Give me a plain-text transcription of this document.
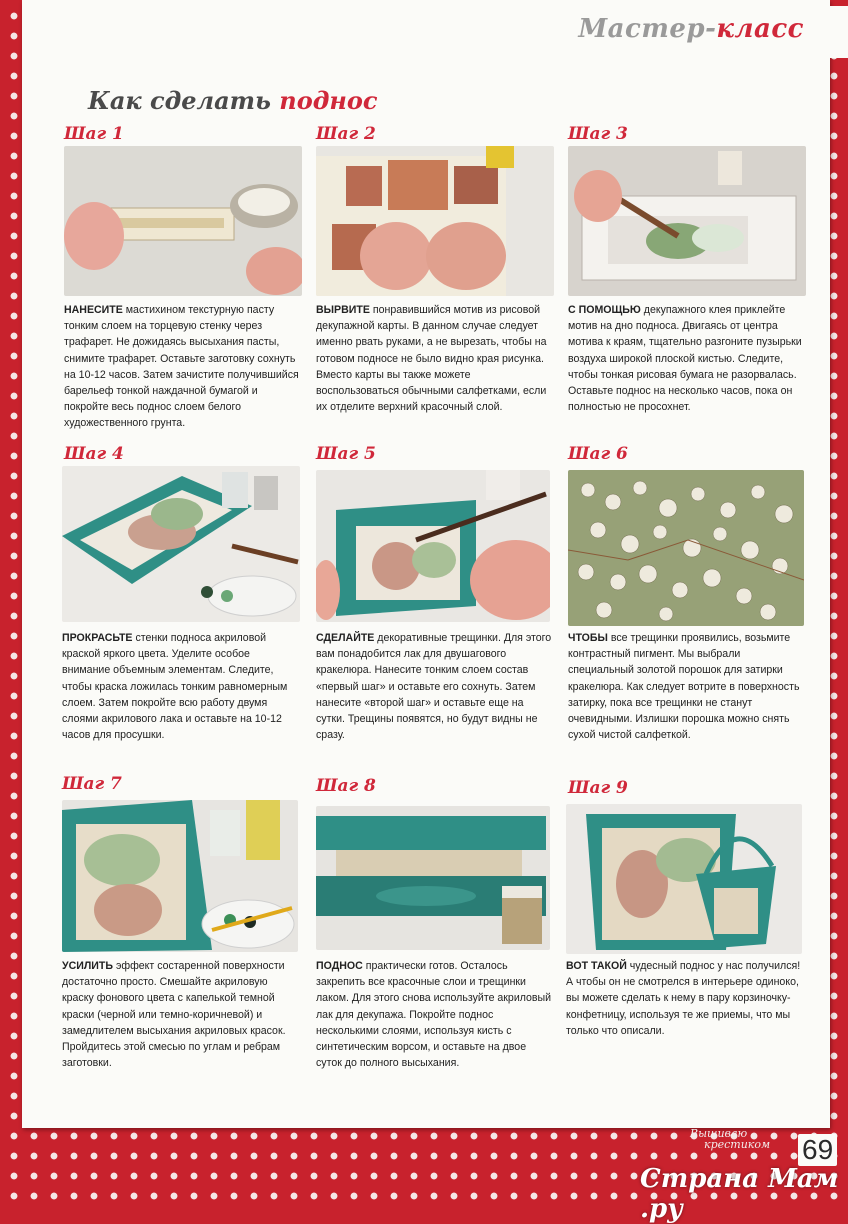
Мастер-класс
Как сделать поднос
Шаг 1	Шаг 2	Шаг 3
Шаг 4	Шаг 5	Шаг 6
Шаг 7	Шаг 8	Шаг 9
НАНЕСИТЕ мастихином текстурную пасту тонким слоем на торцевую стенку через трафарет. Не дожидаясь высыхания пасты, снимите трафарет. Оставьте заготовку сохнуть на 10-12 часов. Затем зачистите получившийся барельеф тонкой наждачной бумагой и покройте весь поднос слоем белого художественного грунта.
ВЫРВИТЕ понравившийся мотив из рисовой декупажной карты. В данном случае следует именно рвать руками, а не вырезать, чтобы на готовом подносе не было видно края рисунка. Вместо карты вы также можете воспользоваться обычными салфетками, если их отделите верхний красочный слой.
С ПОМОЩЬЮ декупажного клея приклейте мотив на дно подноса. Двигаясь от центра мотива к краям, тщательно разгоните пузырьки воздуха широкой плоской кистью. Следите, чтобы тонкая рисовая бумага не разорвалась. Оставьте поднос на несколько часов, пока он полностью не просохнет.
ПРОКРАСЬТЕ стенки подноса акриловой краской яркого цвета. Уделите особое внимание объемным элементам. Следите, чтобы краска ложилась тонким равномерным слоем. Затем покройте всю работу двумя слоями акрилового лака и оставьте на 10-12 часов для просушки.
СДЕЛАЙТЕ декоративные трещинки. Для этого вам понадобится лак для двушагового кракелюра. Нанесите тонким слоем состав «первый шаг» и оставьте его сохнуть. Затем нанесите «второй шаг» и оставьте еще на сутки. Трещины появятся, но будут видны не сразу.
ЧТОБЫ все трещинки проявились, возьмите контрастный пигмент. Мы выбрали специальный золотой порошок для затирки кракелюра. Как следует вотрите в поверхность затирку, пока все трещинки не станут очевидными. Излишки порошка можно снять сухой чистой салфеткой.
УСИЛИТЬ эффект состаренной поверхности достаточно просто. Смешайте акриловую краску фонового цвета с капелькой темной краски (черной или темно-коричневой) и замедлителем высыхания акриловых красок. Пройдитесь этой смесью по углам и ребрам заготовки.
ПОДНОС практически готов. Осталось закрепить все красочные слои и трещинки лаком. Для этого снова используйте акриловый лак для декупажа. Покройте поднос несколькими слоями, используя кисть с синтетическим ворсом, и оставьте на двое суток до полного высыхания.
ВОТ ТАКОЙ чудесный поднос у нас получился! А чтобы он не смотрелся в интерьере одиноко, вы можете сделать к нему в пару корзиночку-конфетницу, используя те же приемы, что мы только что описали.
Вышиваю
крестиком	69
Страна Мам .ру
